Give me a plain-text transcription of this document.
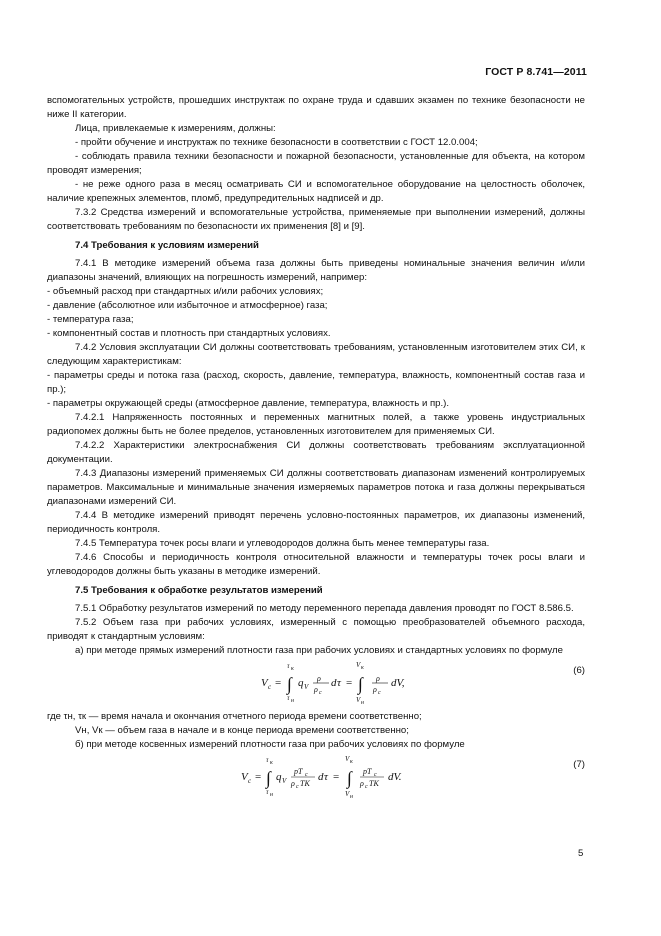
ГОСТ Р 8.741—2011

вспомогательных устройств, прошедших инструктаж по охране труда и сдавших экзамен по технике безопасности не ниже II категории.

Лица, привлекаемые к измерениям, должны:

- пройти обучение и инструктаж по технике безопасности в соответствии с ГОСТ 12.0.004;

- соблюдать правила техники безопасности и пожарной безопасности, установленные для объекта, на котором проводят измерения;

- не реже одного раза в месяц осматривать СИ и вспомогательное оборудование на целостность оболочек, наличие крепежных элементов, пломб, предупредительных надписей и др.

7.3.2 Средства измерений и вспомогательные устройства, применяемые при выполнении измерений, должны соответствовать требованиям по безопасности их применения [8] и [9].

7.4 Требования к условиям измерений

7.4.1 В методике измерений объема газа должны быть приведены номинальные значения величин и/или диапазоны значений, влияющих на погрешность измерений, например:

- объемный расход при стандартных и/или рабочих условиях;

- давление (абсолютное или избыточное и атмосферное) газа;

- температура газа;

- компонентный состав и плотность при стандартных условиях.

7.4.2 Условия эксплуатации СИ должны соответствовать требованиям, установленным изготовителем этих СИ, к следующим характеристикам:

- параметры среды и потока газа (расход, скорость, давление, температура, влажность, компонентный состав газа и пр.);

- параметры окружающей среды (атмосферное давление, температура, влажность и пр.).

7.4.2.1 Напряженность постоянных и переменных магнитных полей, а также уровень индустриальных радиопомех должны быть не более пределов, установленных изготовителем для применяемых СИ.

7.4.2.2 Характеристики электроснабжения СИ должны соответствовать требованиям эксплуатационной документации.

7.4.3 Диапазоны измерений применяемых СИ должны соответствовать диапазонам изменений контролируемых параметров. Максимальные и минимальные значения измеряемых параметров потока и газа должны перекрываться диапазонами измерений СИ.

7.4.4 В методике измерений приводят перечень условно-постоянных параметров, их диапазоны изменений, периодичность контроля.

7.4.5 Температура точек росы влаги и углеводородов должна быть менее температуры газа.

7.4.6 Способы и периодичность контроля относительной влажности и температуры точек росы влаги и углеводородов должны быть указаны в методике измерений.

7.5 Требования к обработке результатов измерений

7.5.1 Обработку результатов измерений по методу переменного перепада давления проводят по ГОСТ 8.586.5.

7.5.2 Объем газа при рабочих условиях, измеренный с помощью преобразователей объемного расхода, приводят к стандартным условиям:

а) при методе прямых измерений плотности газа при рабочих условиях и стандартных условиях по формуле

V c = ∫
τ к
τ н
q V
ρ
ρ с
d τ = ∫
V к
V н
ρ
ρ с
dV,
(6)

где τн, τк — время начала и окончания отчетного периода времени соответственно;

Vн, Vк — объем газа в начале и в конце периода времени соответственно;

б) при методе косвенных измерений плотности газа при рабочих условиях по формуле

V c = ∫
τ к
τ н
q V
pT с
ρ с TK
d τ = ∫
V к
V н
pT с
ρ с TK
dV.
(7)
5
